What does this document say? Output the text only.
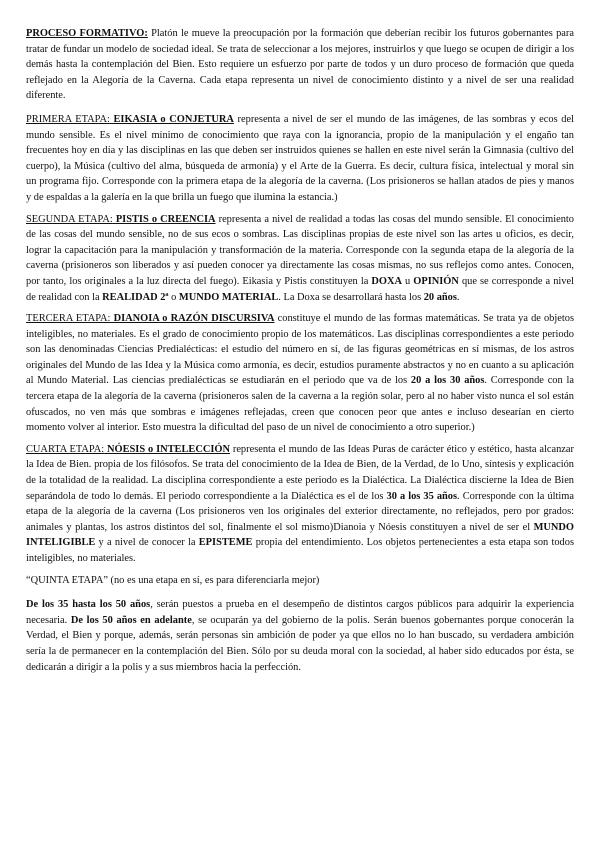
PROCESO FORMATIVO: Platón le mueve la preocupación por la formación que deberían recibir los futuros gobernantes para tratar de fundar un modelo de sociedad ideal. Se trata de seleccionar a los mejores, instruirlos y que luego se ocupen de dirigir a los demás hasta la contemplación del Bien. Esto requiere un esfuerzo por parte de todos y un duro proceso de formación que queda reflejado en la Alegoría de la Caverna. Cada etapa representa un nivel de conocimiento distinto y a nivel de ser una realidad diferente.

PRIMERA ETAPA: EIKASIA o CONJETURA representa a nivel de ser el mundo de las imágenes, de las sombras y ecos del mundo sensible. Es el nivel mínimo de conocimiento que raya con la ignorancia, propio de la manipulación y el engaño tan frecuentes hoy en día y las disciplinas en las que deben ser instruidos quienes se hallen en este nivel serán la Gimnasia (cultivo del cuerpo), la Música (cultivo del alma, búsqueda de armonía) y el Arte de la Guerra. Es decir, cultura física, intelectual y moral sin un programa fijo. Corresponde con la primera etapa de la alegoría de la caverna. (Los prisioneros se hallan atados de pies y manos y de espaldas a la galería en la que brilla un fuego que ilumina la estancia.)

SEGUNDA ETAPA: PISTIS o CREENCIA representa a nivel de realidad a todas las cosas del mundo sensible. El conocimiento de las cosas del mundo sensible, no de sus ecos o sombras. Las disciplinas propias de este nivel son las artes u oficios, es decir, lograr la capacitación para la manipulación y transformación de la materia. Corresponde con la segunda etapa de la alegoría de la caverna (prisioneros son liberados y así pueden conocer ya directamente las cosas mismas, no sus reflejos como antes. Conocen, por tanto, los originales a la luz directa del fuego). Eikasia y Pistis constituyen la DOXA u OPINIÓN que se corresponde a nivel de realidad con la REALIDAD 2ª o MUNDO MATERIAL. La Doxa se desarrollará hasta los 20 años.

TERCERA ETAPA: DIANOIA o RAZÓN DISCURSIVA constituye el mundo de las formas matemáticas. Se trata ya de objetos inteligibles, no materiales. Es el grado de conocimiento propio de los matemáticos. Las disciplinas correspondientes a este periodo son las denominadas Ciencias Predialécticas: el estudio del número en sí, de las figuras geométricas en sí mismas, de los astros originales del Mundo de las Idea y la Música como armonía, es decir, estudios puramente abstractos y no en cuanto a su aplicación al Mundo Material. Las ciencias predialécticas se estudiarán en el periodo que va de los 20 a los 30 años. Corresponde con la tercera etapa de la alegoría de la caverna (prisioneros salen de la caverna a la región solar, pero al no haber visto nunca el sol están ofuscados, no ven más que sombras e imágenes reflejadas, creen que conocen peor que antes e incluso desearían en cierto momento volver al interior. Esto muestra la dificultad del paso de un nivel de conocimiento a otro superior.)

CUARTA ETAPA: NÓESIS o INTELECCIÓN representa el mundo de las Ideas Puras de carácter ético y estético, hasta alcanzar la Idea de Bien. propia de los filósofos. Se trata del conocimiento de la Idea de Bien, de la Verdad, de lo Uno, síntesis y explicación de la totalidad de la realidad. La disciplina correspondiente a este periodo es la Dialéctica. La Dialéctica discierne la Idea de Bien separándola de todo lo demás. El periodo correspondiente a la Dialéctica es el de los 30 a los 35 años. Corresponde con la última etapa de la alegoría de la caverna (Los prisioneros ven los originales del exterior directamente, no reflejados, pero por grados: animales y plantas, los astros distintos del sol, finalmente el sol mismo)Dianoia y Nóesis constituyen a nivel de ser el MUNDO INTELIGIBLE y a nivel de conocer la EPISTEME propia del entendimiento. Los objetos pertenecientes a esta etapa son todos inteligibles, no materiales.

“QUINTA ETAPA” (no es una etapa en sí, es para diferenciarla mejor)

De los 35 hasta los 50 años, serán puestos a prueba en el desempeño de distintos cargos públicos para adquirir la experiencia necesaria. De los 50 años en adelante, se ocuparán ya del gobierno de la polis. Serán buenos gobernantes porque conocerán la Verdad, el Bien y porque, además, serán personas sin ambición de poder ya que ellos no lo han buscado, su verdadera ambición sería la de permanecer en la contemplación del Bien. Sólo por su deuda moral con la sociedad, al haber sido educados por ésta, se dedicarán a dirigir a la polis y a sus miembros hacia la perfección.
